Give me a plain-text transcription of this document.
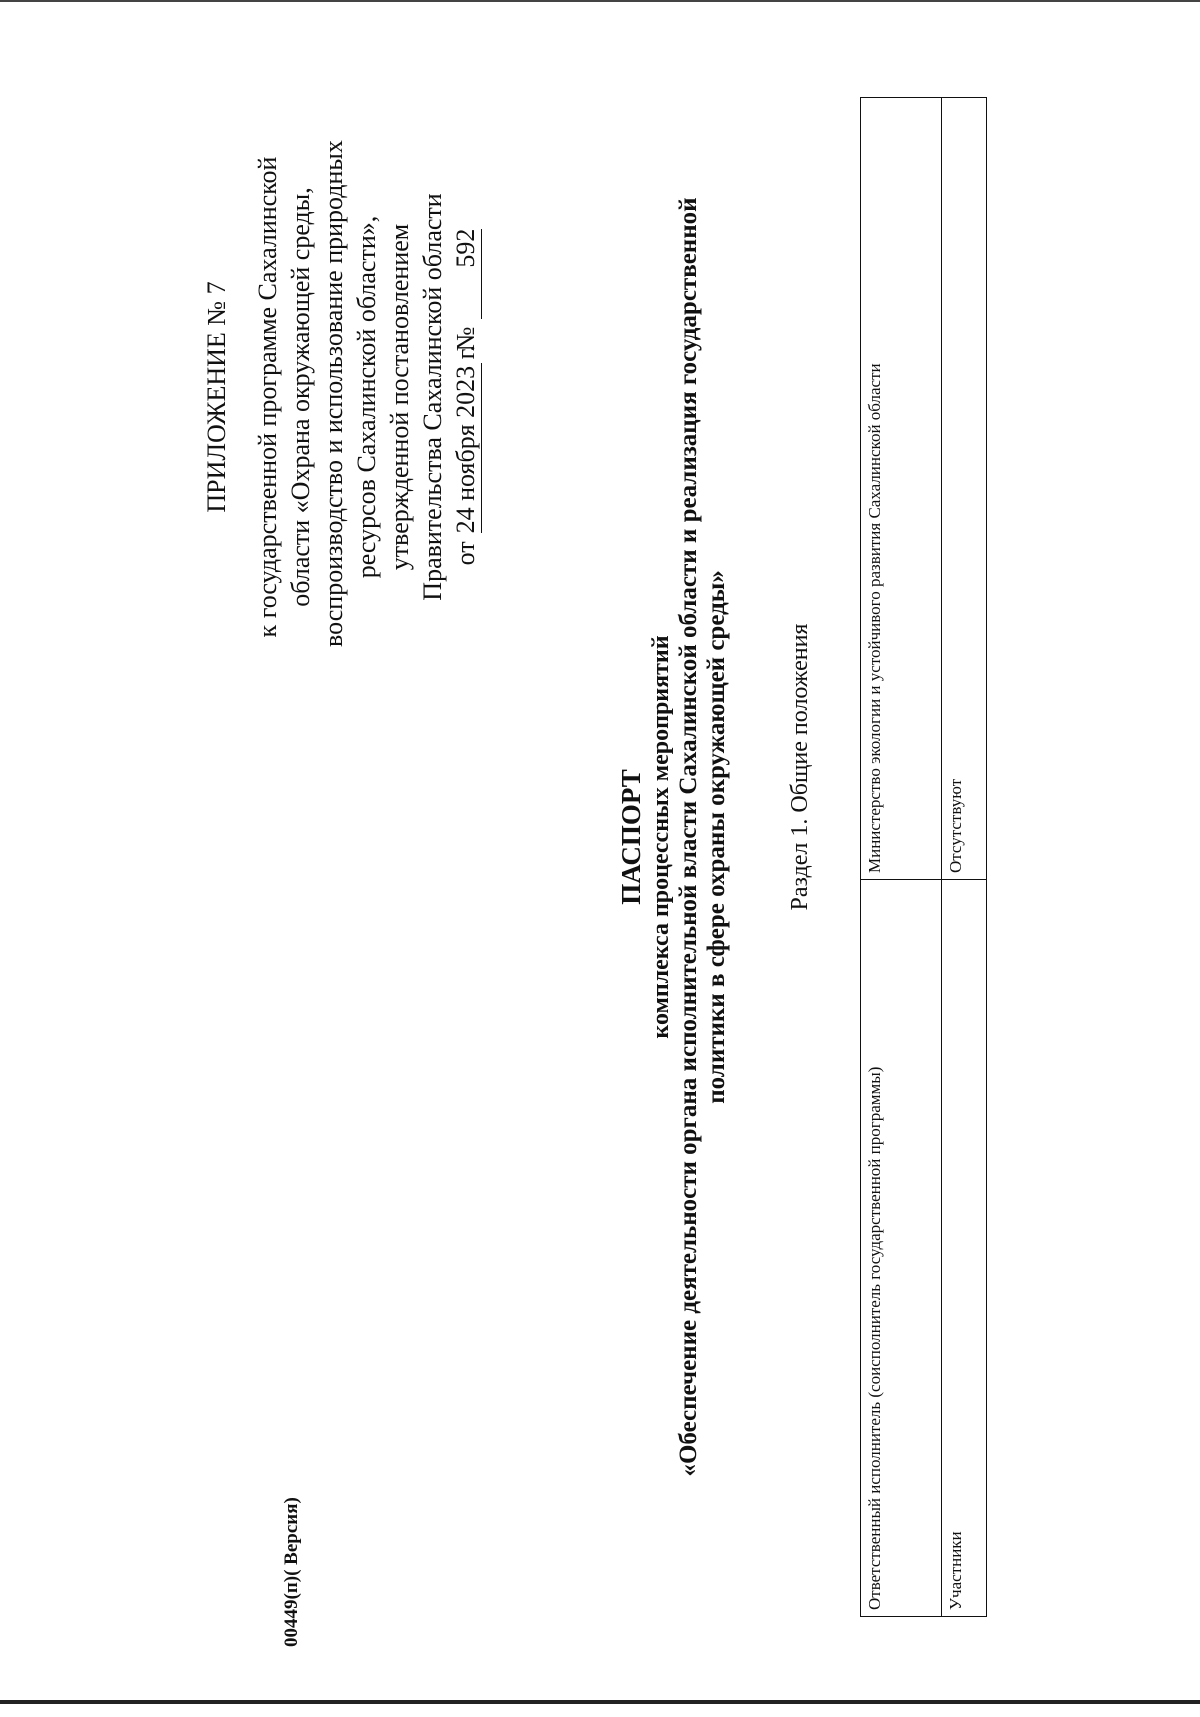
ПРИЛОЖЕНИЕ № 7 к государственной программе Сахалинской области «Охрана окружающей среды, воспроизводство и использование природных ресурсов Сахалинской области», утвержденной постановлением Правительства Сахалинской области от
24 ноября 2023 г.
№
592
ПАСПОРТ комплекса процессных мероприятий «Обеспечение деятельности органа исполнительной власти Сахалинской области и реализация государственной политики в сфере охраны окружающей среды» Раздел 1. Общие положения
Ответственный исполнитель (соисполнитель государственной программы)	Министерство экологии и устойчивого развития Сахалинской области
Участники	Отсутствуют
00449(п)( Версия)
